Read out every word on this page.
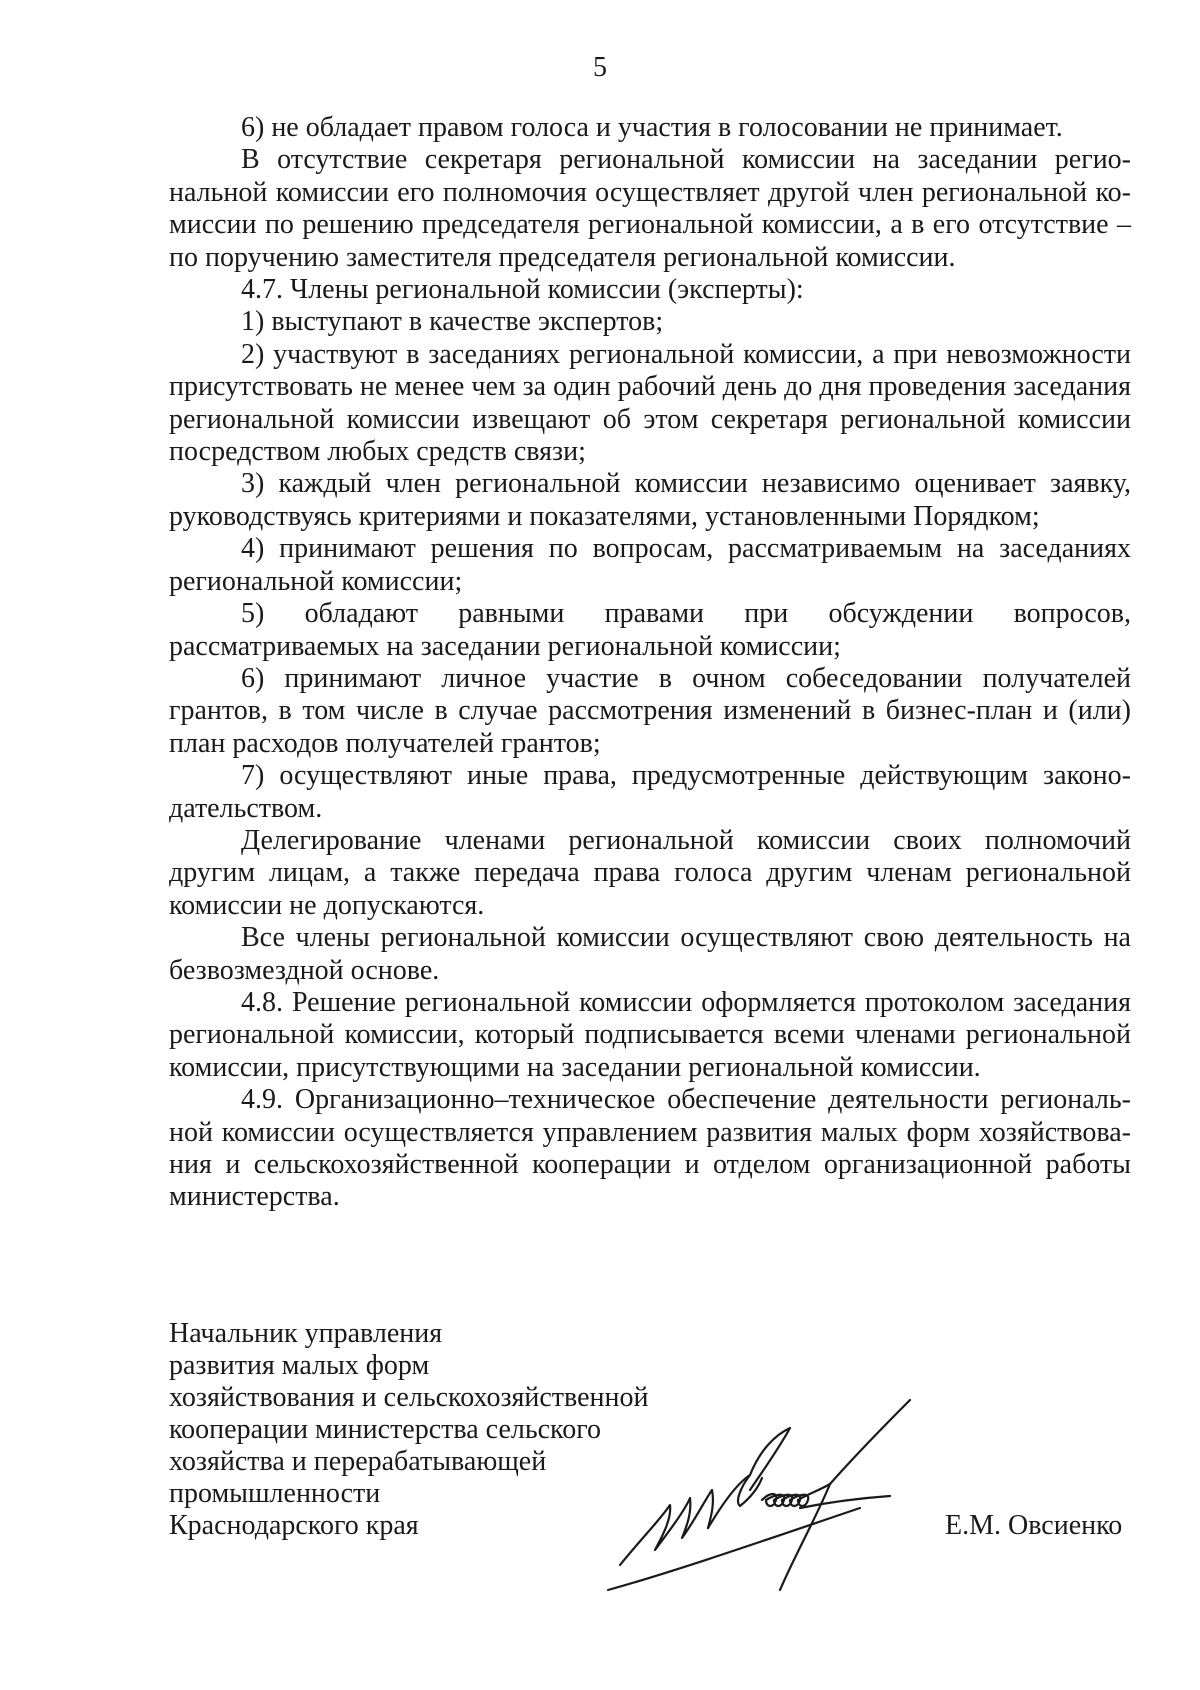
5

6) не обладает правом голоса и участия в голосовании не принимает.

В отсутствие секретаря региональной комиссии на заседании региональной комиссии его полномочия осуществляет другой член региональной комиссии по решению председателя региональной комиссии, а в его отсутствие – по поручению заместителя председателя региональной комиссии.

4.7. Члены региональной комиссии (эксперты):

1) выступают в качестве экспертов;

2) участвуют в заседаниях региональной комиссии, а при невозможности присутствовать не менее чем за один рабочий день до дня проведения заседания региональной комиссии извещают об этом секретаря региональной комиссии посредством любых средств связи;

3) каждый член региональной комиссии независимо оценивает заявку, руководствуясь критериями и показателями, установленными Порядком;

4) принимают решения по вопросам, рассматриваемым на заседаниях региональной комиссии;

5) обладают равными правами при обсуждении вопросов, рассматриваемых на заседании региональной комиссии;

6) принимают личное участие в очном собеседовании получателей грантов, в том числе в случае рассмотрения изменений в бизнес-план и (или) план расходов получателей грантов;

7) осуществляют иные права, предусмотренные действующим законодательством.

Делегирование членами региональной комиссии своих полномочий другим лицам, а также передача права голоса другим членам региональной комиссии не допускаются.

Все члены региональной комиссии осуществляют свою деятельность на безвозмездной основе.

4.8. Решение региональной комиссии оформляется протоколом заседания региональной комиссии, который подписывается всеми членами региональной комиссии, присутствующими на заседании региональной комиссии.

4.9. Организационно–техническое обеспечение деятельности региональной комиссии осуществляется управлением развития малых форм хозяйствования и сельскохозяйственной кооперации и отделом организационной работы министерства.

Начальник управления
развития малых форм
хозяйствования и сельскохозяйственной
кооперации министерства сельского
хозяйства и перерабатывающей
промышленности
Краснодарского края	Е.М. Овсиенко
